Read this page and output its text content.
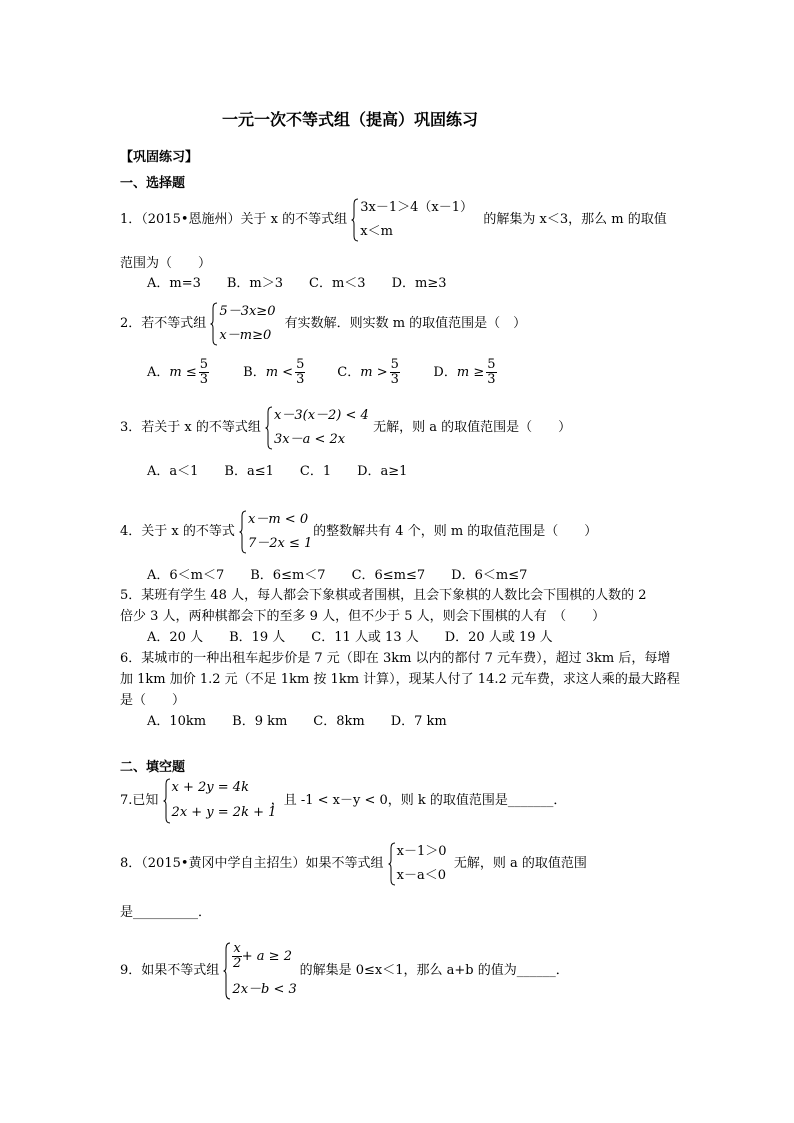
一元一次不等式组（提高）巩固练习
【巩固练习】
一、选择题
1．（2015•恩施州）关于 x 的不等式组
3x－1＞4（x－1）
x＜m
的解集为 x＜3，那么 m 的取值
范围为（　　）
A．m=3　　B．m＞3　　C．m＜3　　D．m≥3
2．若不等式组
5－3x≥0
x－m≥0
有实数解．则实数 m 的取值范围是（　）
A．$m \le \frac{5}{3}$	B．$m < \frac{5}{3}$ C．$m > \frac{5}{3}$	D．$m \ge \frac{5}{3}$
3．若关于 x 的不等式组
x－3(x－2) < 4
3x－a < 2x
无解，则 a 的取值范围是（　　）
A．a＜1　　B．a≤1　　C．1　　D．a≥1
4．关于 x 的不等式
x－m < 0
7－2x ≤ 1
的整数解共有 4 个，则 m 的取值范围是（　　）
A．6＜m＜7　　B．6≤m＜7　　C．6≤m≤7　　D．6＜m≤7
5．某班有学生 48 人，每人都会下象棋或者围棋，且会下象棋的人数比会下围棋的人数的 2
倍少 3 人，两种棋都会下的至多 9 人，但不少于 5 人，则会下围棋的人有　（　　）
A．20 人　　B．19 人　　C．11 人或 13 人　　D．20 人或 19 人
6．某城市的一种出租车起步价是 7 元（即在 3km 以内的都付 7 元车费），超过 3km 后，每增
加 1km 加价 1.2 元（不足 1km 按 1km 计算），现某人付了 14.2 元车费，求这人乘的最大路程
是（　　）
A．10km　　B．9 km　　C．8km　　D．7 km
二、填空题
7.已知
x + 2y = 4k
2x + y = 2k + 1
，且 -1 < x－y < 0，则 k 的取值范围是_______．
8．（2015•黄冈中学自主招生）如果不等式组
x－1＞0
x－a＜0
无解，则 a 的取值范围
是__________．
9．如果不等式组 $\frac{x}{2} + a \ge 2$
2x－b < 3
的解集是 0≤x＜1，那么 a+b 的值为______．
